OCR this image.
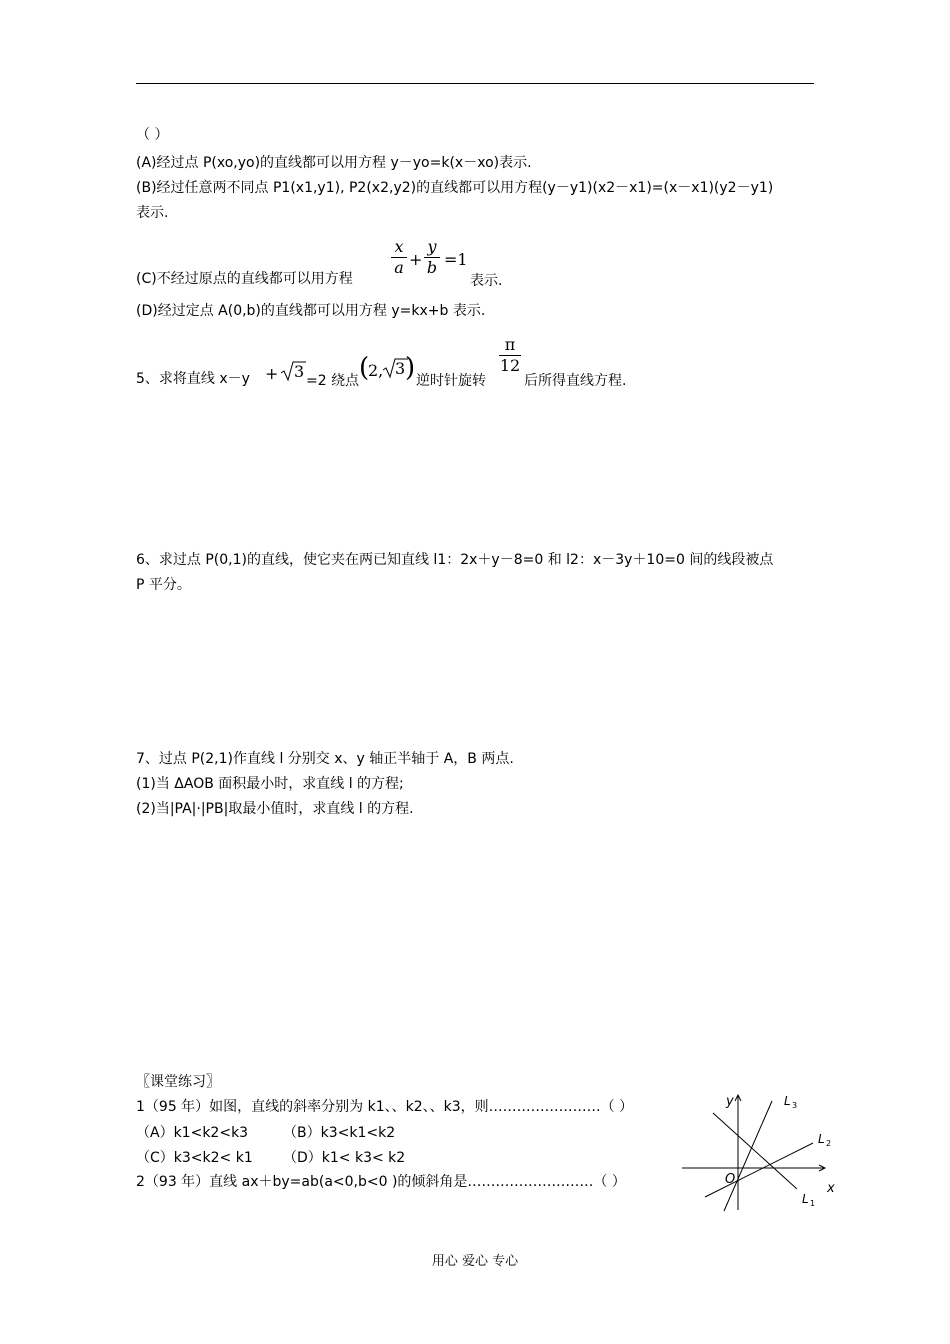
（ ）
(A)经过点 P(xo,yo)的直线都可以用方程 y－yo=k(x－xo)表示.
(B)经过任意两不同点 P1(x1,y1), P2(x2,y2)的直线都可以用方程(y－y1)(x2－x1)=(x－x1)(y2－y1)
表示.
(C)不经过原点的直线都可以用方程
x
a +
y
b =1
表示.
(D)经过定点 A(0,b)的直线都可以用方程 y=kx+b 表示.
5、求将直线 x－y + 3 =2 绕点 (
2, 3 ) 逆时针旋转
π
12
后所得直线方程.
6、求过点 P(0,1)的直线，使它夹在两已知直线 l1：2x＋y－8=0 和 l2：x－3y＋10=0 间的线段被点
P 平分。
7、过点 P(2,1)作直线 l 分别交 x、y 轴正半轴于 A，B 两点.
(1)当 ΔAOB 面积最小时，求直线 l 的方程;
(2)当|PA|·|PB|取最小值时，求直线 l 的方程.
〖课堂练习〗
1（95 年）如图，直线的斜率分别为 k1、、k2、、k3，则……………………（ ）
（A）k1<k2<k3 （B）k3<k1<k2
（C）k3<k2< k1 （D）k1< k3< k2
2（93 年）直线 ax＋by=ab(a<0,b<0 )的倾斜角是………………………（ ）
y
x
O
L 3
L 2
L 1
用心 爱心 专心
